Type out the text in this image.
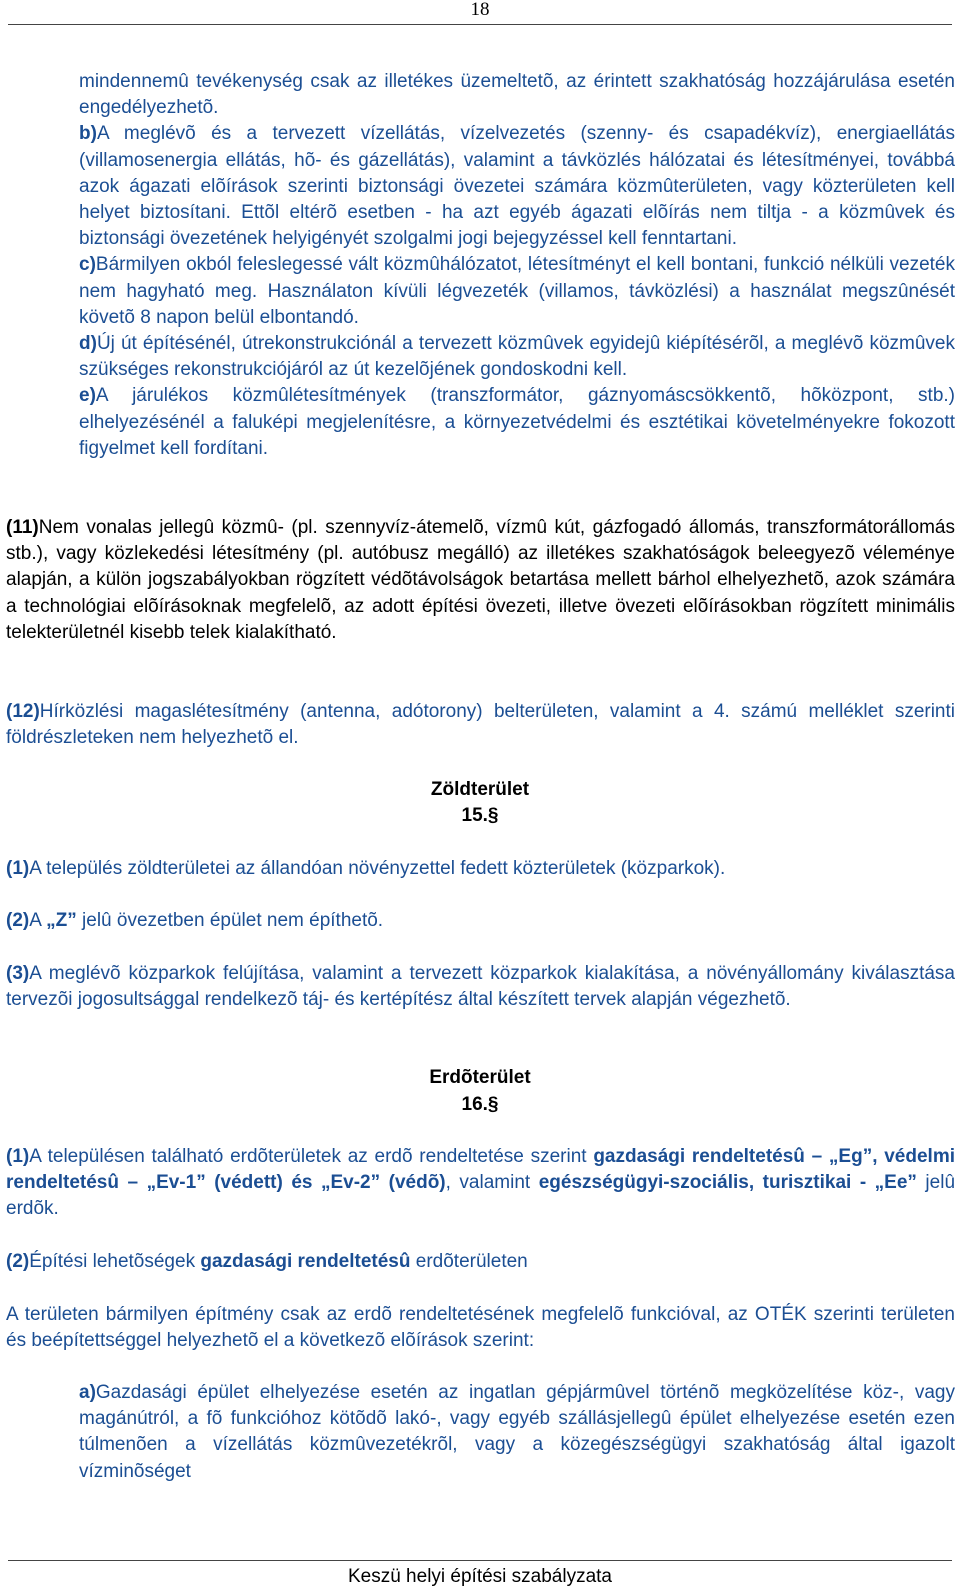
18
mindennemû tevékenység csak az illetékes üzemeltetõ, az érintett szakhatóság hozzájárulása esetén engedélyezhetõ.
b)A meglévõ és a tervezett vízellátás, vízelvezetés (szenny- és csapadékvíz), energiaellátás (villamosenergia ellátás, hõ- és gázellátás), valamint a távközlés hálózatai és létesítményei, továbbá azok ágazati elõírások szerinti biztonsági övezetei számára közmûterületen, vagy közterületen kell helyet biztosítani. Ettõl eltérõ esetben - ha azt egyéb ágazati elõírás nem tiltja - a közmûvek és biztonsági övezetének helyigényét szolgalmi jogi bejegyzéssel kell fenntartani.
c)Bármilyen okból feleslegessé vált közmûhálózatot, létesítményt el kell bontani, funkció nélküli vezeték nem hagyható meg. Használaton kívüli légvezeték (villamos, távközlési) a használat megszûnését követõ 8 napon belül elbontandó.
d)Új út építésénél, útrekonstrukciónál a tervezett közmûvek egyidejû kiépítésérõl, a meglévõ közmûvek szükséges rekonstrukciójáról az út kezelõjének gondoskodni kell.
e)A járulékos közmûlétesítmények (transzformátor, gáznyomáscsökkentõ, hõközpont, stb.) elhelyezésénél a faluképi megjelenítésre, a környezetvédelmi és esztétikai követelményekre fokozott figyelmet kell fordítani.
(11)Nem vonalas jellegû közmû- (pl. szennyvíz-átemelõ, vízmû kút, gázfogadó állomás, transzformátorállomás stb.), vagy közlekedési létesítmény (pl. autóbusz megálló) az illetékes szakhatóságok beleegyezõ véleménye alapján, a külön jogszabályokban rögzített védõtávolságok betartása mellett bárhol elhelyezhetõ, azok számára a technológiai elõírásoknak megfelelõ, az adott építési övezeti, illetve övezeti elõírásokban rögzített minimális telekterületnél kisebb telek kialakítható.
(12)Hírközlési magaslétesítmény (antenna, adótorony) belterületen, valamint a 4. számú melléklet szerinti földrészleteken nem helyezhetõ el.
Zöldterület
15.§
(1)A település zöldterületei az állandóan növényzettel fedett közterületek (közparkok).
(2)A „Z” jelû övezetben épület nem építhetõ.
(3)A meglévõ közparkok felújítása, valamint a tervezett közparkok kialakítása, a növényállomány kiválasztása tervezõi jogosultsággal rendelkezõ táj- és kertépítész által készített tervek alapján végezhetõ.
Erdõterület
16.§
(1)A településen található erdõterületek az erdõ rendeltetése szerint gazdasági rendeltetésû – „Eg”, védelmi rendeltetésû – „Ev-1” (védett) és „Ev-2” (védõ), valamint egészségügyi-szociális, turisztikai - „Ee” jelû erdõk.
(2)Építési lehetõségek gazdasági rendeltetésû erdõterületen
A területen bármilyen építmény csak az erdõ rendeltetésének megfelelõ funkcióval, az OTÉK szerinti területen és beépítettséggel helyezhetõ el a következõ elõírások szerint:
a)Gazdasági épület elhelyezése esetén az ingatlan gépjármûvel történõ megközelítése köz-, vagy magánútról, a fõ funkcióhoz kötõdõ lakó-, vagy egyéb szállásjellegû épület elhelyezése esetén ezen túlmenõen a vízellátás közmûvezetékrõl, vagy a közegészségügyi szakhatóság által igazolt vízminõséget
Keszü helyi építési szabályzata
